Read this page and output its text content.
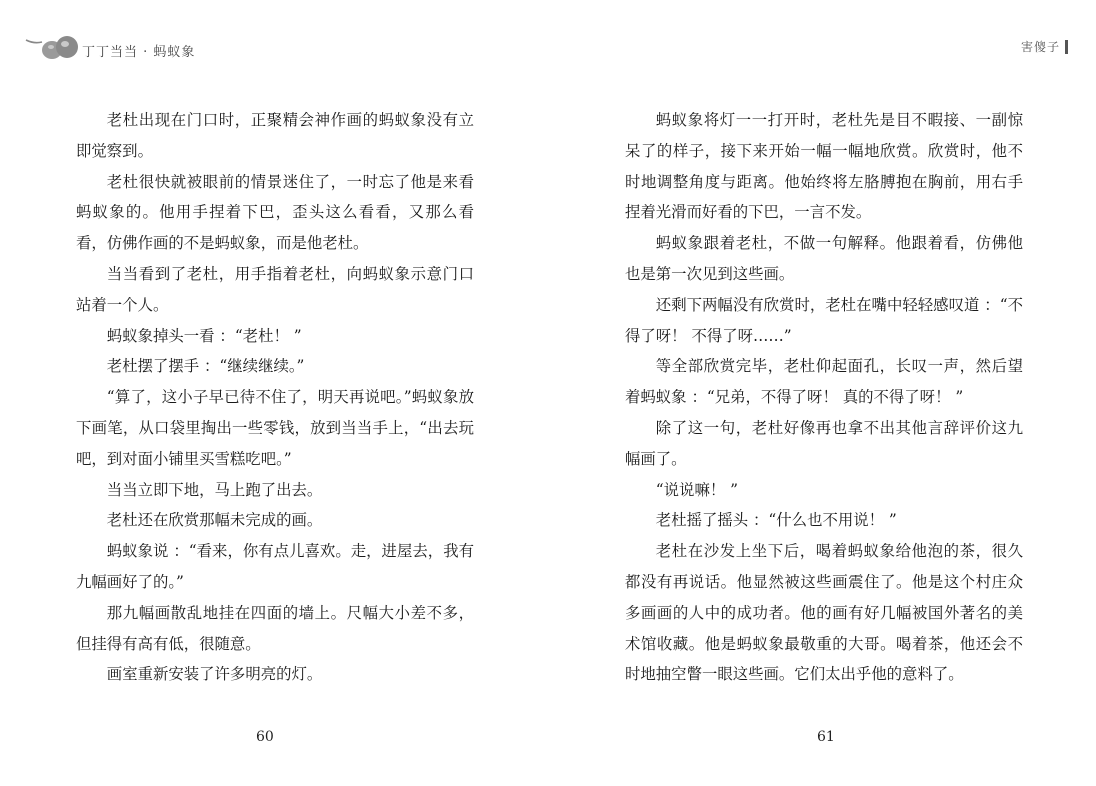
丁丁当当 · 蚂蚁象	害傻子

老杜出现在门口时，正聚精会神作画的蚂蚁象没有立即觉察到。

老杜很快就被眼前的情景迷住了，一时忘了他是来看蚂蚁象的。他用手捏着下巴，歪头这么看看，又那么看看，仿佛作画的不是蚂蚁象，而是他老杜。

当当看到了老杜，用手指着老杜，向蚂蚁象示意门口站着一个人。

蚂蚁象掉头一看 ：“老杜！ ”

老杜摆了摆手 ：“继续继续。”

“算了，这小子早已待不住了，明天再说吧。”蚂蚁象放下画笔，从口袋里掏出一些零钱，放到当当手上，“出去玩吧，到对面小铺里买雪糕吃吧。”

当当立即下地，马上跑了出去。

老杜还在欣赏那幅未完成的画。

蚂蚁象说 ：“看来，你有点儿喜欢。走，进屋去，我有九幅画好了的。”

那九幅画散乱地挂在四面的墙上。尺幅大小差不多，但挂得有高有低，很随意。

画室重新安装了许多明亮的灯。

蚂蚁象将灯一一打开时，老杜先是目不暇接、一副惊呆了的样子，接下来开始一幅一幅地欣赏。欣赏时，他不时地调整角度与距离。他始终将左胳膊抱在胸前，用右手捏着光滑而好看的下巴，一言不发。

蚂蚁象跟着老杜，不做一句解释。他跟着看，仿佛他也是第一次见到这些画。

还剩下两幅没有欣赏时，老杜在嘴中轻轻感叹道 ：“不得了呀！ 不得了呀……”

等全部欣赏完毕，老杜仰起面孔，长叹一声，然后望着蚂蚁象 ：“兄弟，不得了呀！ 真的不得了呀！ ”

除了这一句，老杜好像再也拿不出其他言辞评价这九幅画了。

“说说嘛！ ”

老杜摇了摇头 ：“什么也不用说！ ”

老杜在沙发上坐下后，喝着蚂蚁象给他泡的茶，很久都没有再说话。他显然被这些画震住了。他是这个村庄众多画画的人中的成功者。他的画有好几幅被国外著名的美术馆收藏。他是蚂蚁象最敬重的大哥。喝着茶，他还会不时地抽空瞥一眼这些画。它们太出乎他的意料了。

60	61
